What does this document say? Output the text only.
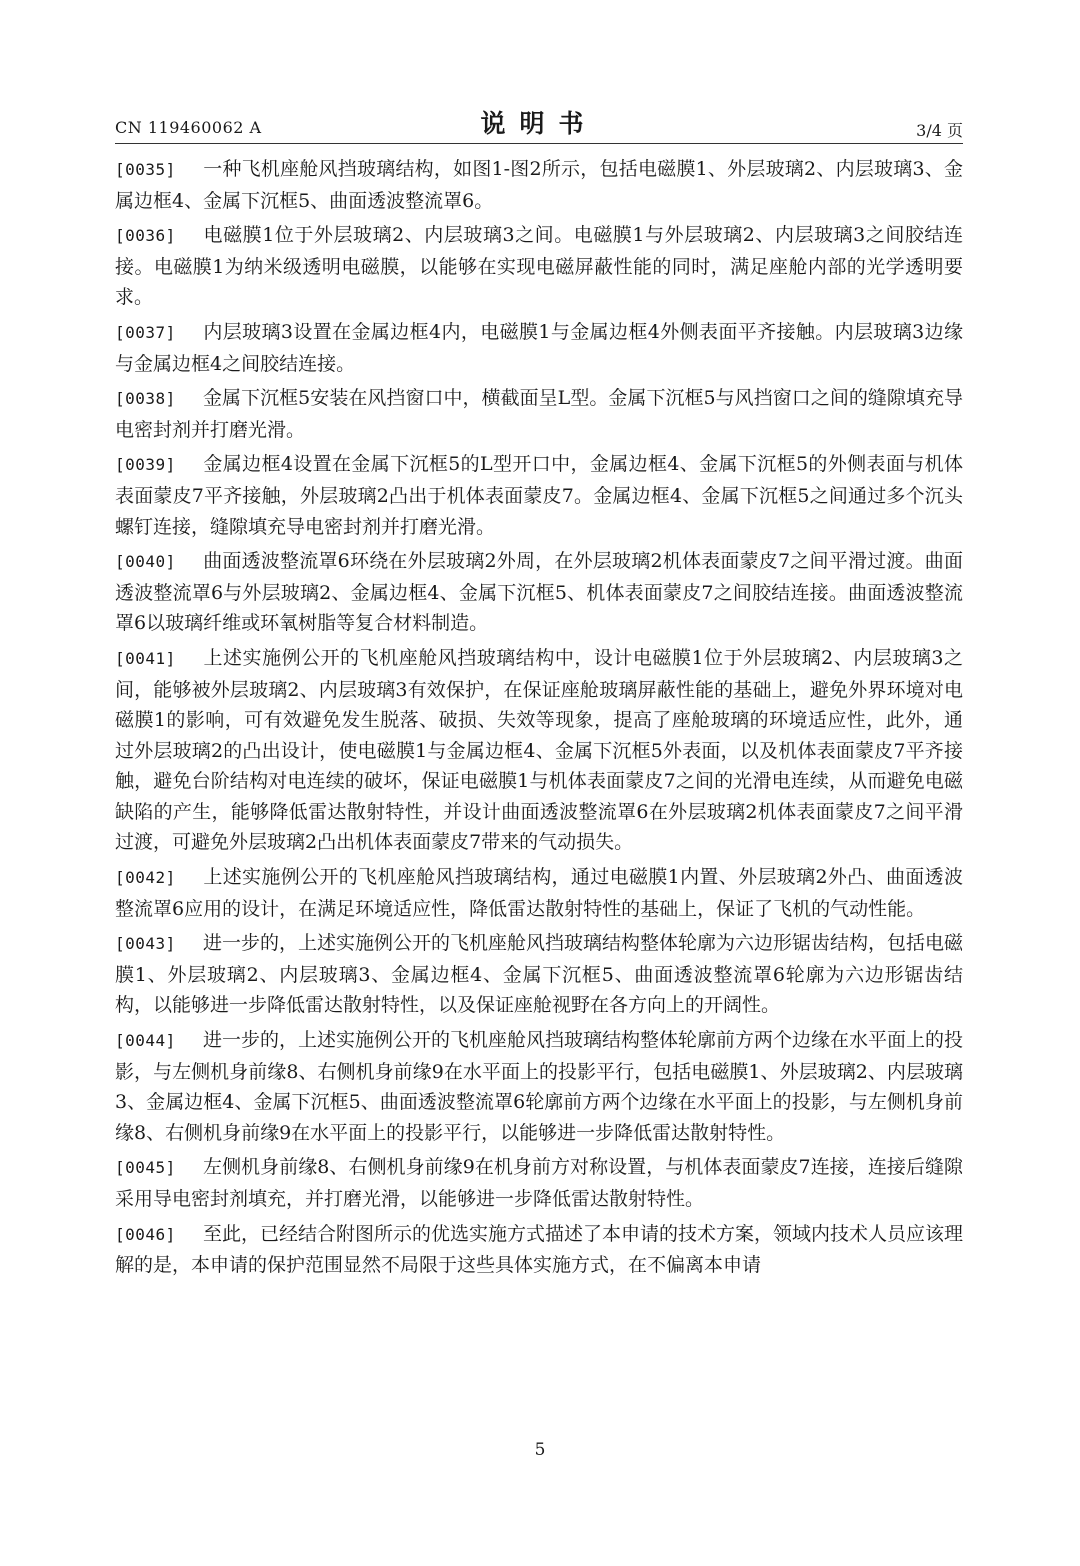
CN 119460062 A	说明书	3/4 页

[0035] 一种飞机座舱风挡玻璃结构，如图1-图2所示，包括电磁膜1、外层玻璃2、内层玻璃3、金属边框4、金属下沉框5、曲面透波整流罩6。

[0036] 电磁膜1位于外层玻璃2、内层玻璃3之间。电磁膜1与外层玻璃2、内层玻璃3之间胶结连接。电磁膜1为纳米级透明电磁膜，以能够在实现电磁屏蔽性能的同时，满足座舱内部的光学透明要求。

[0037] 内层玻璃3设置在金属边框4内，电磁膜1与金属边框4外侧表面平齐接触。内层玻璃3边缘与金属边框4之间胶结连接。

[0038] 金属下沉框5安装在风挡窗口中，横截面呈L型。金属下沉框5与风挡窗口之间的缝隙填充导电密封剂并打磨光滑。

[0039] 金属边框4设置在金属下沉框5的L型开口中，金属边框4、金属下沉框5的外侧表面与机体表面蒙皮7平齐接触，外层玻璃2凸出于机体表面蒙皮7。金属边框4、金属下沉框5之间通过多个沉头螺钉连接，缝隙填充导电密封剂并打磨光滑。

[0040] 曲面透波整流罩6环绕在外层玻璃2外周，在外层玻璃2机体表面蒙皮7之间平滑过渡。曲面透波整流罩6与外层玻璃2、金属边框4、金属下沉框5、机体表面蒙皮7之间胶结连接。曲面透波整流罩6以玻璃纤维或环氧树脂等复合材料制造。

[0041] 上述实施例公开的飞机座舱风挡玻璃结构中，设计电磁膜1位于外层玻璃2、内层玻璃3之间，能够被外层玻璃2、内层玻璃3有效保护，在保证座舱玻璃屏蔽性能的基础上，避免外界环境对电磁膜1的影响，可有效避免发生脱落、破损、失效等现象，提高了座舱玻璃的环境适应性，此外，通过外层玻璃2的凸出设计，使电磁膜1与金属边框4、金属下沉框5外表面，以及机体表面蒙皮7平齐接触，避免台阶结构对电连续的破坏，保证电磁膜1与机体表面蒙皮7之间的光滑电连续，从而避免电磁缺陷的产生，能够降低雷达散射特性，并设计曲面透波整流罩6在外层玻璃2机体表面蒙皮7之间平滑过渡，可避免外层玻璃2凸出机体表面蒙皮7带来的气动损失。

[0042] 上述实施例公开的飞机座舱风挡玻璃结构，通过电磁膜1内置、外层玻璃2外凸、曲面透波整流罩6应用的设计，在满足环境适应性，降低雷达散射特性的基础上，保证了飞机的气动性能。

[0043] 进一步的，上述实施例公开的飞机座舱风挡玻璃结构整体轮廓为六边形锯齿结构，包括电磁膜1、外层玻璃2、内层玻璃3、金属边框4、金属下沉框5、曲面透波整流罩6轮廓为六边形锯齿结构，以能够进一步降低雷达散射特性，以及保证座舱视野在各方向上的开阔性。

[0044] 进一步的，上述实施例公开的飞机座舱风挡玻璃结构整体轮廓前方两个边缘在水平面上的投影，与左侧机身前缘8、右侧机身前缘9在水平面上的投影平行，包括电磁膜1、外层玻璃2、内层玻璃3、金属边框4、金属下沉框5、曲面透波整流罩6轮廓前方两个边缘在水平面上的投影，与左侧机身前缘8、右侧机身前缘9在水平面上的投影平行，以能够进一步降低雷达散射特性。

[0045] 左侧机身前缘8、右侧机身前缘9在机身前方对称设置，与机体表面蒙皮7连接，连接后缝隙采用导电密封剂填充，并打磨光滑，以能够进一步降低雷达散射特性。

[0046] 至此，已经结合附图所示的优选实施方式描述了本申请的技术方案，领域内技术人员应该理解的是，本申请的保护范围显然不局限于这些具体实施方式，在不偏离本申请

5
